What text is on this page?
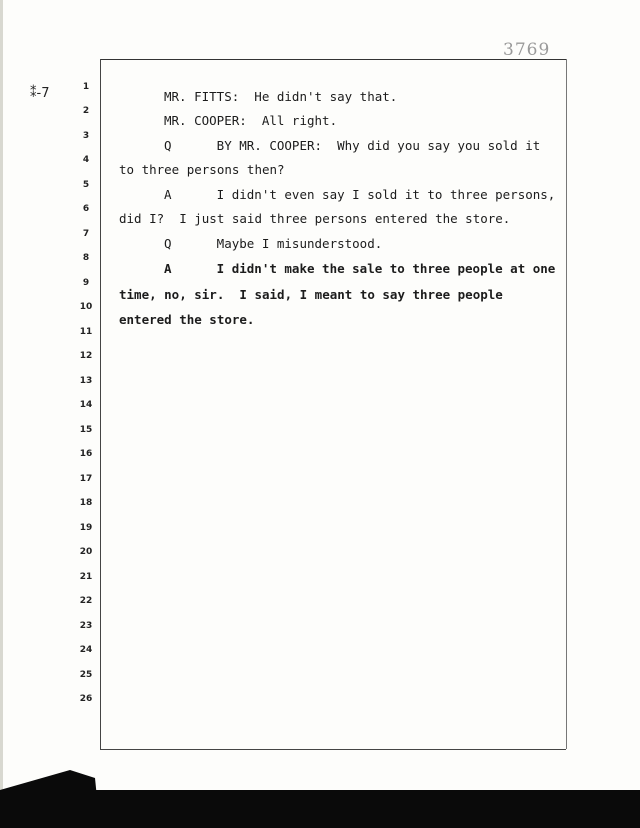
3769
⁑-7	1
2
3
4
5
6
7
8
9
10
11
12
13
14
15
16
17
18
19
20
21
22
23
24
25
26
MR. FITTS:  He didn't say that.
MR. COOPER:  All right.
Q      BY MR. COOPER:  Why did you say you sold it
to three persons then?
A      I didn't even say I sold it to three persons,
did I?  I just said three persons entered the store.
Q      Maybe I misunderstood.
A      I didn't make the sale to three people at one
time, no, sir.  I said, I meant to say three people
entered the store.
